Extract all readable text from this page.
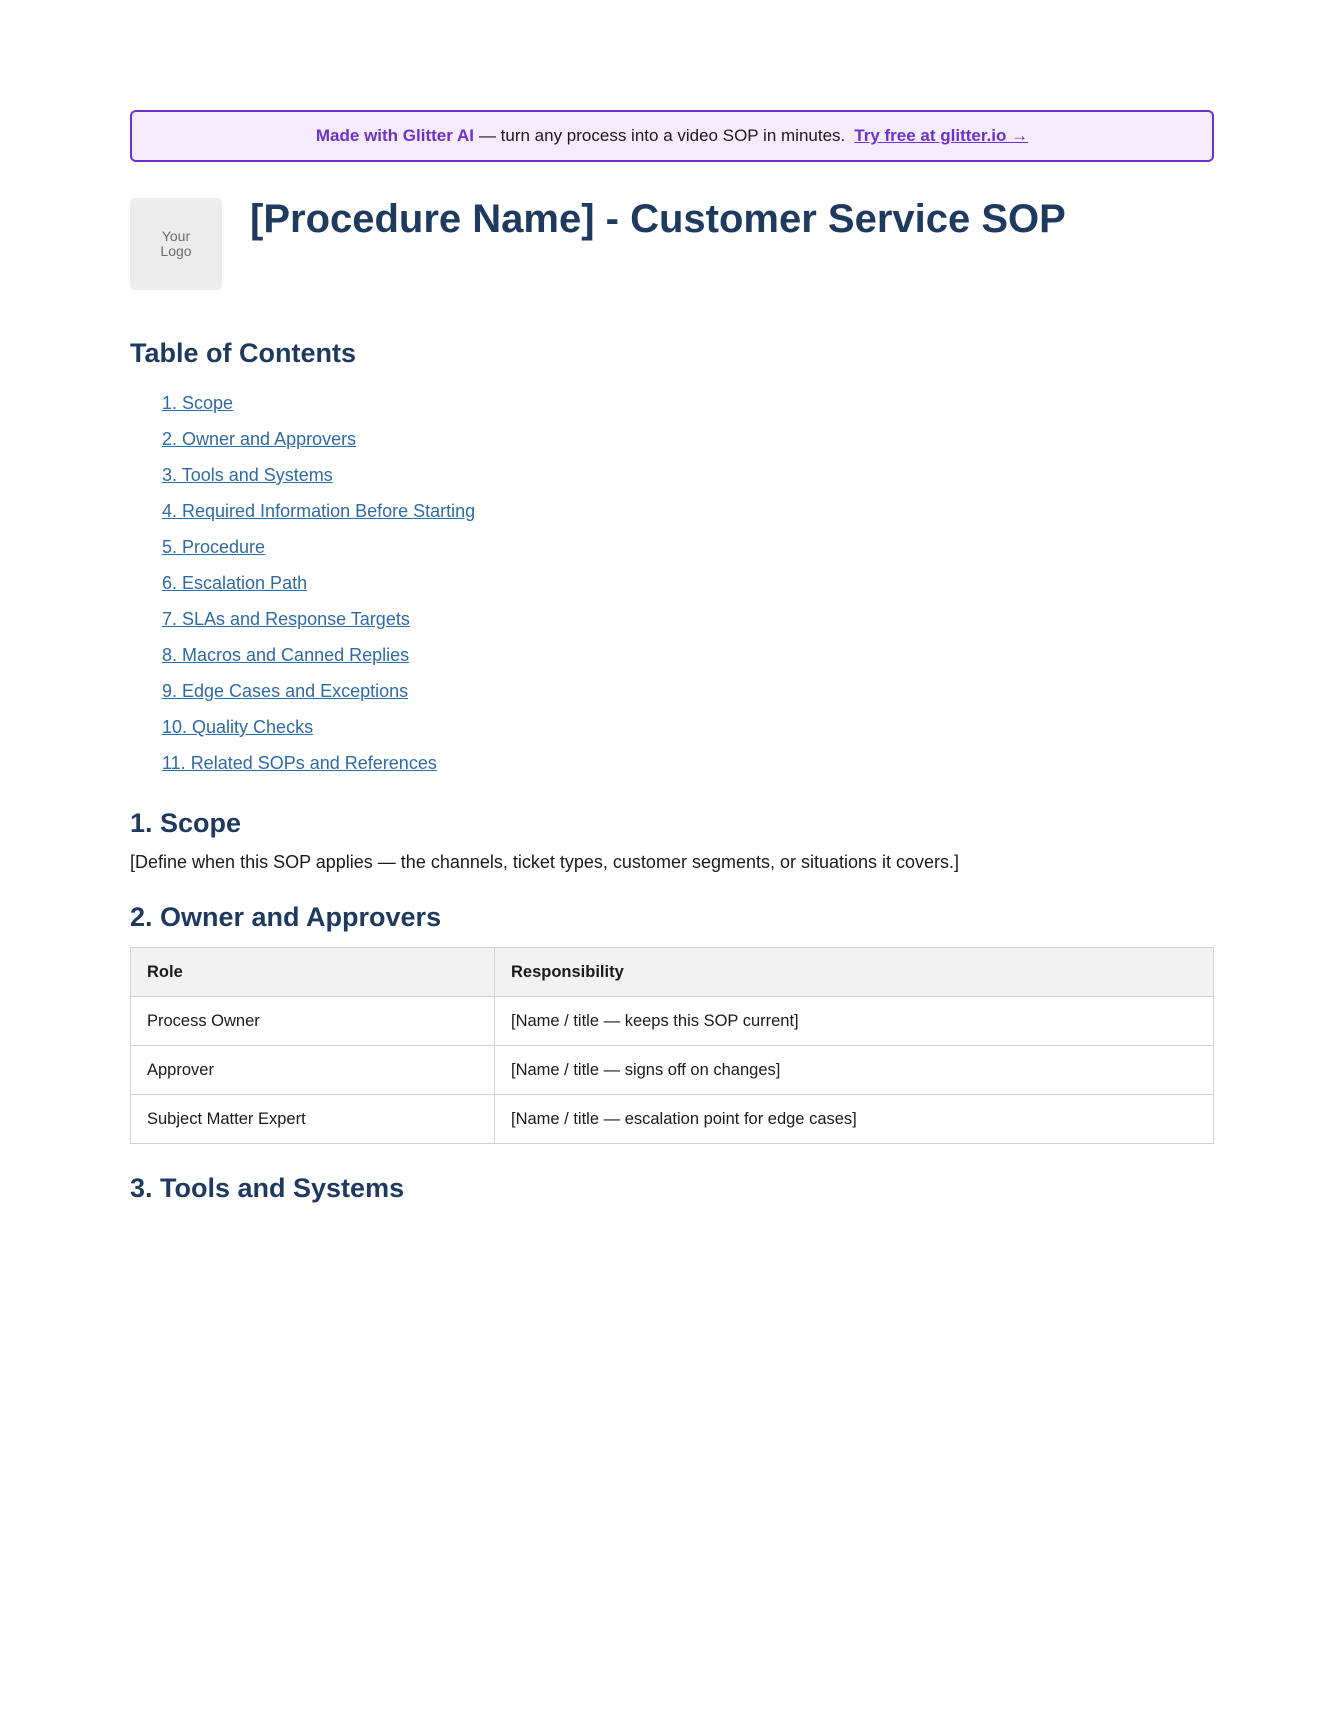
Made with Glitter AI — turn any process into a video SOP in minutes. Try free at glitter.io →
Your
Logo
[Procedure Name] - Customer Service SOP
Table of Contents
1. Scope
2. Owner and Approvers
3. Tools and Systems
4. Required Information Before Starting
5. Procedure
6. Escalation Path
7. SLAs and Response Targets
8. Macros and Canned Replies
9. Edge Cases and Exceptions
10. Quality Checks
11. Related SOPs and References
1. Scope

[Define when this SOP applies — the channels, ticket types, customer segments, or situations it covers.]

2. Owner and Approvers
Role	Responsibility
Process Owner	[Name / title — keeps this SOP current]
Approver	[Name / title — signs off on changes]
Subject Matter Expert	[Name / title — escalation point for edge cases]
3. Tools and Systems
